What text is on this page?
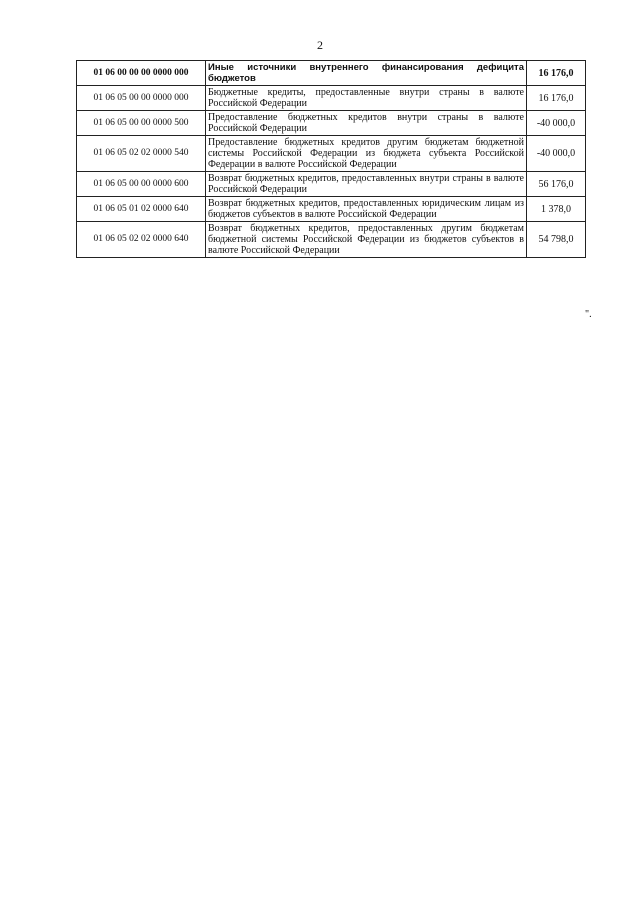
2
01 06 00 00 00 0000 000	Иные источники внутреннего финансирования дефицита бюджетов	16 176,0
01 06 05 00 00 0000 000	Бюджетные кредиты, предоставленные внутри страны в валюте Российской Федерации	16 176,0
01 06 05 00 00 0000 500	Предоставление бюджетных кредитов внутри страны в валюте Российской Федерации	-40 000,0
01 06 05 02 02 0000 540	Предоставление бюджетных кредитов другим бюджетам бюджетной системы Российской Федерации из бюджета субъекта Российской Федерации в валюте Российской Федерации	-40 000,0
01 06 05 00 00 0000 600	Возврат бюджетных кредитов, предоставленных внутри страны в валюте Российской Федерации	56 176,0
01 06 05 01 02 0000 640	Возврат бюджетных кредитов, предоставленных юридическим лицам из бюджетов субъектов в валюте Российской Федерации	1 378,0
01 06 05 02 02 0000 640	Возврат бюджетных кредитов, предоставленных другим бюджетам бюджетной системы Российской Федерации из бюджетов субъектов в валюте Российской Федерации	54 798,0
".
